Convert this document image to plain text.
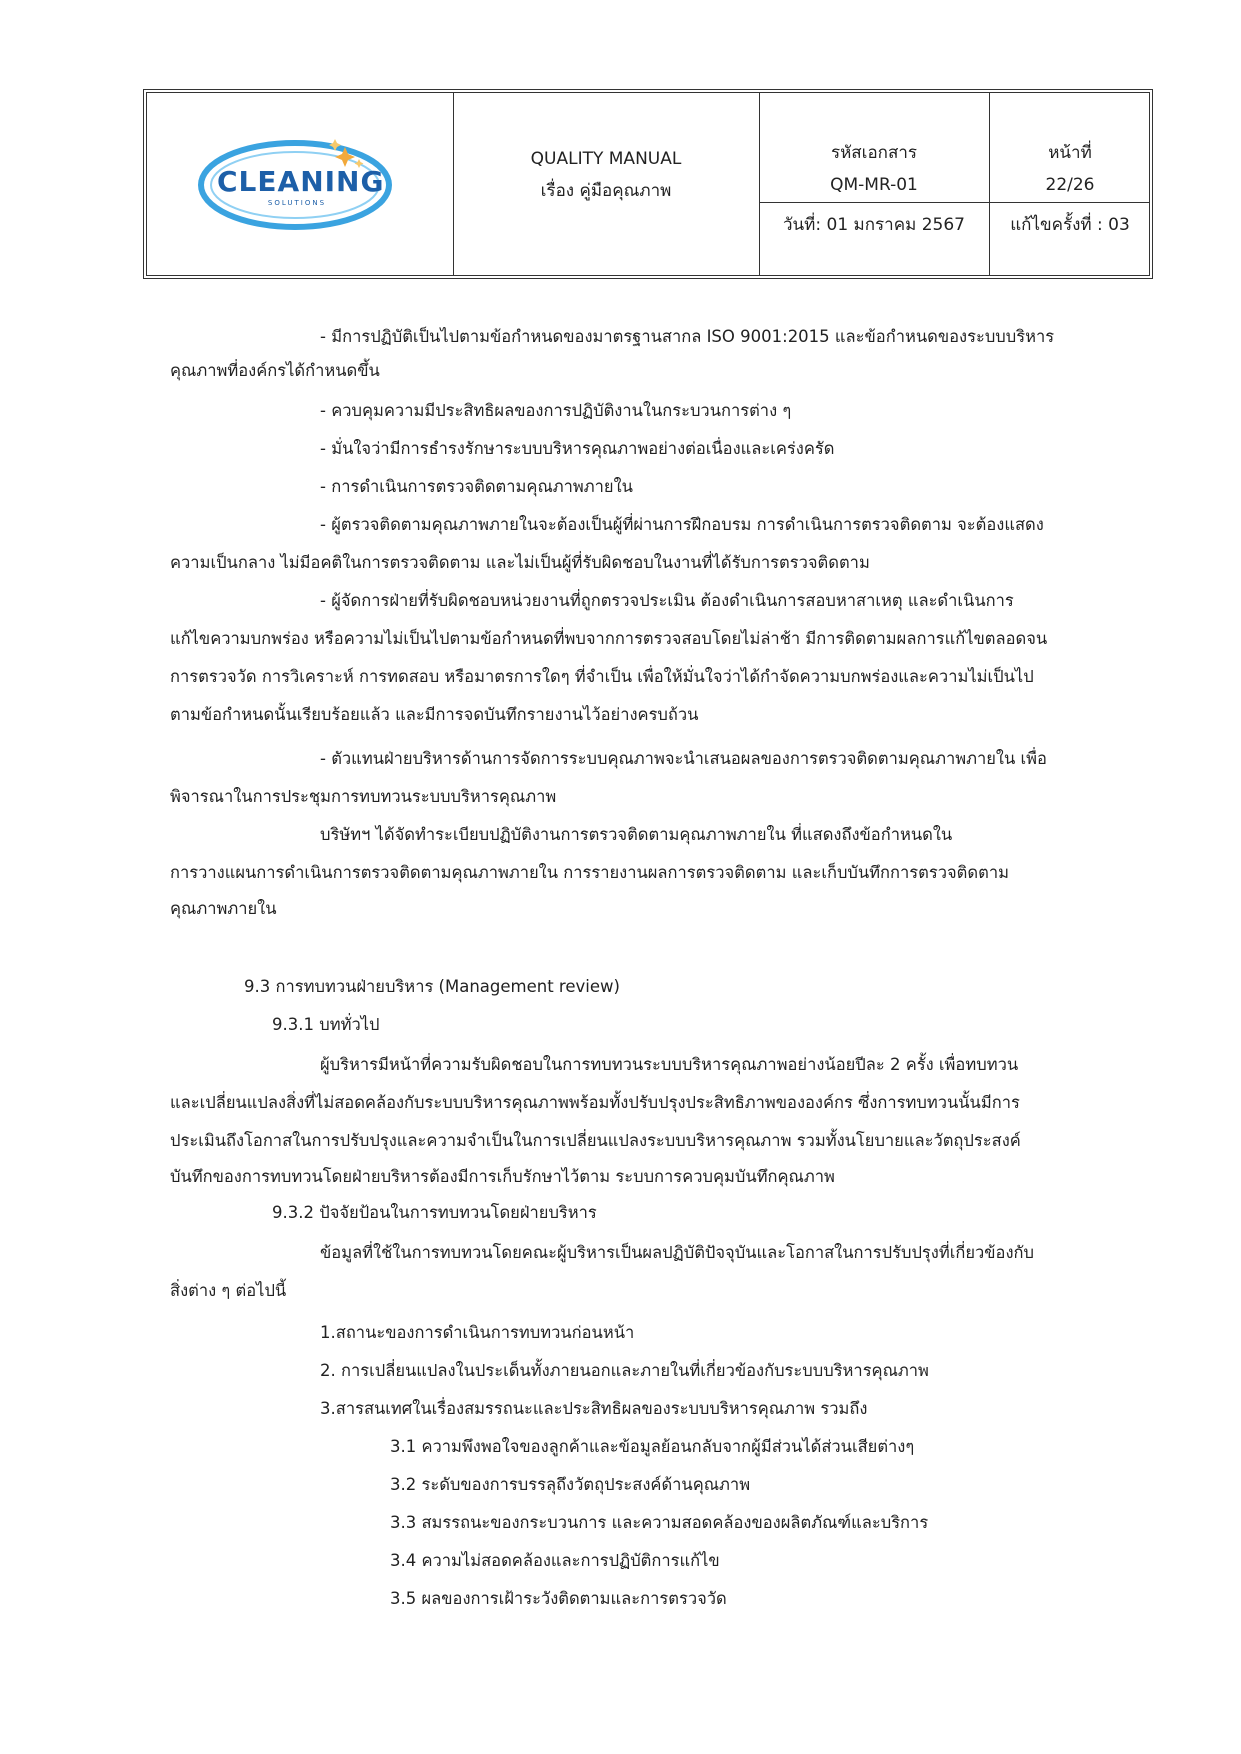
CLEANING
SOLUTIONS
QUALITY MANUAL
เรื่อง คู่มือคุณภาพ
รหัสเอกสาร
QM-MR-01
วันที่: 01 มกราคม 2567
หน้าที่
22/26
แก้ไขครั้งที่ : 03
- มีการปฏิบัติเป็นไปตามข้อกำหนดของมาตรฐานสากล ISO 9001:2015 และข้อกำหนดของระบบบริหาร
คุณภาพที่องค์กรได้กำหนดขึ้น
- ควบคุมความมีประสิทธิผลของการปฏิบัติงานในกระบวนการต่าง ๆ
- มั่นใจว่ามีการธำรงรักษาระบบบริหารคุณภาพอย่างต่อเนื่องและเคร่งครัด
- การดำเนินการตรวจติดตามคุณภาพภายใน
- ผู้ตรวจติดตามคุณภาพภายในจะต้องเป็นผู้ที่ผ่านการฝึกอบรม การดำเนินการตรวจติดตาม จะต้องแสดง
ความเป็นกลาง ไม่มีอคติในการตรวจติดตาม และไม่เป็นผู้ที่รับผิดชอบในงานที่ได้รับการตรวจติดตาม
- ผู้จัดการฝ่ายที่รับผิดชอบหน่วยงานที่ถูกตรวจประเมิน ต้องดำเนินการสอบหาสาเหตุ และดำเนินการ
แก้ไขความบกพร่อง หรือความไม่เป็นไปตามข้อกำหนดที่พบจากการตรวจสอบโดยไม่ล่าช้า มีการติดตามผลการแก้ไขตลอดจน
การตรวจวัด การวิเคราะห์ การทดสอบ หรือมาตรการใดๆ ที่จำเป็น เพื่อให้มั่นใจว่าได้กำจัดความบกพร่องและความไม่เป็นไป
ตามข้อกำหนดนั้นเรียบร้อยแล้ว และมีการจดบันทึกรายงานไว้อย่างครบถ้วน
- ตัวแทนฝ่ายบริหารด้านการจัดการระบบคุณภาพจะนำเสนอผลของการตรวจติดตามคุณภาพภายใน เพื่อ
พิจารณาในการประชุมการทบทวนระบบบริหารคุณภาพ
บริษัทฯ ได้จัดทำระเบียบปฏิบัติงานการตรวจติดตามคุณภาพภายใน ที่แสดงถึงข้อกำหนดใน
การวางแผนการดำเนินการตรวจติดตามคุณภาพภายใน การรายงานผลการตรวจติดตาม และเก็บบันทึกการตรวจติดตาม
คุณภาพภายใน
9.3 การทบทวนฝ่ายบริหาร (Management review)
9.3.1 บททั่วไป
ผู้บริหารมีหน้าที่ความรับผิดชอบในการทบทวนระบบบริหารคุณภาพอย่างน้อยปีละ 2 ครั้ง เพื่อทบทวน
และเปลี่ยนแปลงสิ่งที่ไม่สอดคล้องกับระบบบริหารคุณภาพพร้อมทั้งปรับปรุงประสิทธิภาพขององค์กร ซึ่งการทบทวนนั้นมีการ
ประเมินถึงโอกาสในการปรับปรุงและความจำเป็นในการเปลี่ยนแปลงระบบบริหารคุณภาพ รวมทั้งนโยบายและวัตถุประสงค์
บันทึกของการทบทวนโดยฝ่ายบริหารต้องมีการเก็บรักษาไว้ตาม ระบบการควบคุมบันทึกคุณภาพ
9.3.2 ปัจจัยป้อนในการทบทวนโดยฝ่ายบริหาร
ข้อมูลที่ใช้ในการทบทวนโดยคณะผู้บริหารเป็นผลปฏิบัติปัจจุบันและโอกาสในการปรับปรุงที่เกี่ยวข้องกับ
สิ่งต่าง ๆ ต่อไปนี้
1.สถานะของการดำเนินการทบทวนก่อนหน้า
2. การเปลี่ยนแปลงในประเด็นทั้งภายนอกและภายในที่เกี่ยวข้องกับระบบบริหารคุณภาพ
3.สารสนเทศในเรื่องสมรรถนะและประสิทธิผลของระบบบริหารคุณภาพ รวมถึง
3.1 ความพึงพอใจของลูกค้าและข้อมูลย้อนกลับจากผู้มีส่วนได้ส่วนเสียต่างๆ
3.2 ระดับของการบรรลุถึงวัตถุประสงค์ด้านคุณภาพ
3.3 สมรรถนะของกระบวนการ และความสอดคล้องของผลิตภัณฑ์และบริการ
3.4 ความไม่สอดคล้องและการปฏิบัติการแก้ไข
3.5 ผลของการเฝ้าระวังติดตามและการตรวจวัด
